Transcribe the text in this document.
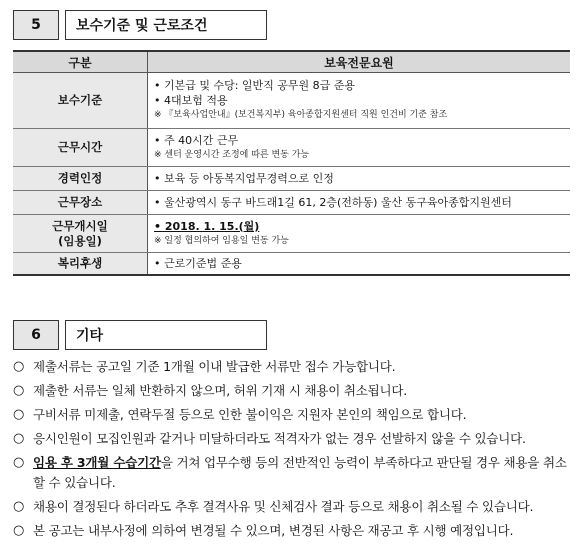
5	보수기준 및 근로조건
구분	보육전문요원
보수기준	• 기본급 및 수당: 일반직 공무원 8급 준용
• 4대보험 적용
※ 『보육사업안내』(보건복지부) 육아종합지원센터 직원 인건비 기준 참조

근무시간	• 주 40시간 근무
※ 센터 운영시간 조정에 따른 변동 가능

경력인정	• 보육 등 아동복지업무경력으로 인정

근무장소	• 울산광역시 동구 바드래1길 61, 2층(전하동) 울산 동구육아종합지원센터

근무개시일
(임용일)	• 2018. 1. 15.(월)
※ 일정 협의하여 임용일 변동 가능

복리후생	• 근로기준법 준용
6	기타
○ 제출서류는 공고일 기준 1개월 이내 발급한 서류만 접수 가능합니다.
○ 제출한 서류는 일체 반환하지 않으며, 허위 기재 시 채용이 취소됩니다.
○ 구비서류 미제출, 연락두절 등으로 인한 불이익은 지원자 본인의 책임으로 합니다.
○ 응시인원이 모집인원과 같거나 미달하더라도 적격자가 없는 경우 선발하지 않을 수 있습니다.
○ 임용 후 3개월 수습기간을 거쳐 업무수행 등의 전반적인 능력이 부족하다고 판단될 경우 채용을 취소할 수 있습니다.
○ 채용이 결정된다 하더라도 추후 결격사유 및 신체검사 결과 등으로 채용이 취소될 수 있습니다.
○ 본 공고는 내부사정에 의하여 변경될 수 있으며, 변경된 사항은 재공고 후 시행 예정입니다.
